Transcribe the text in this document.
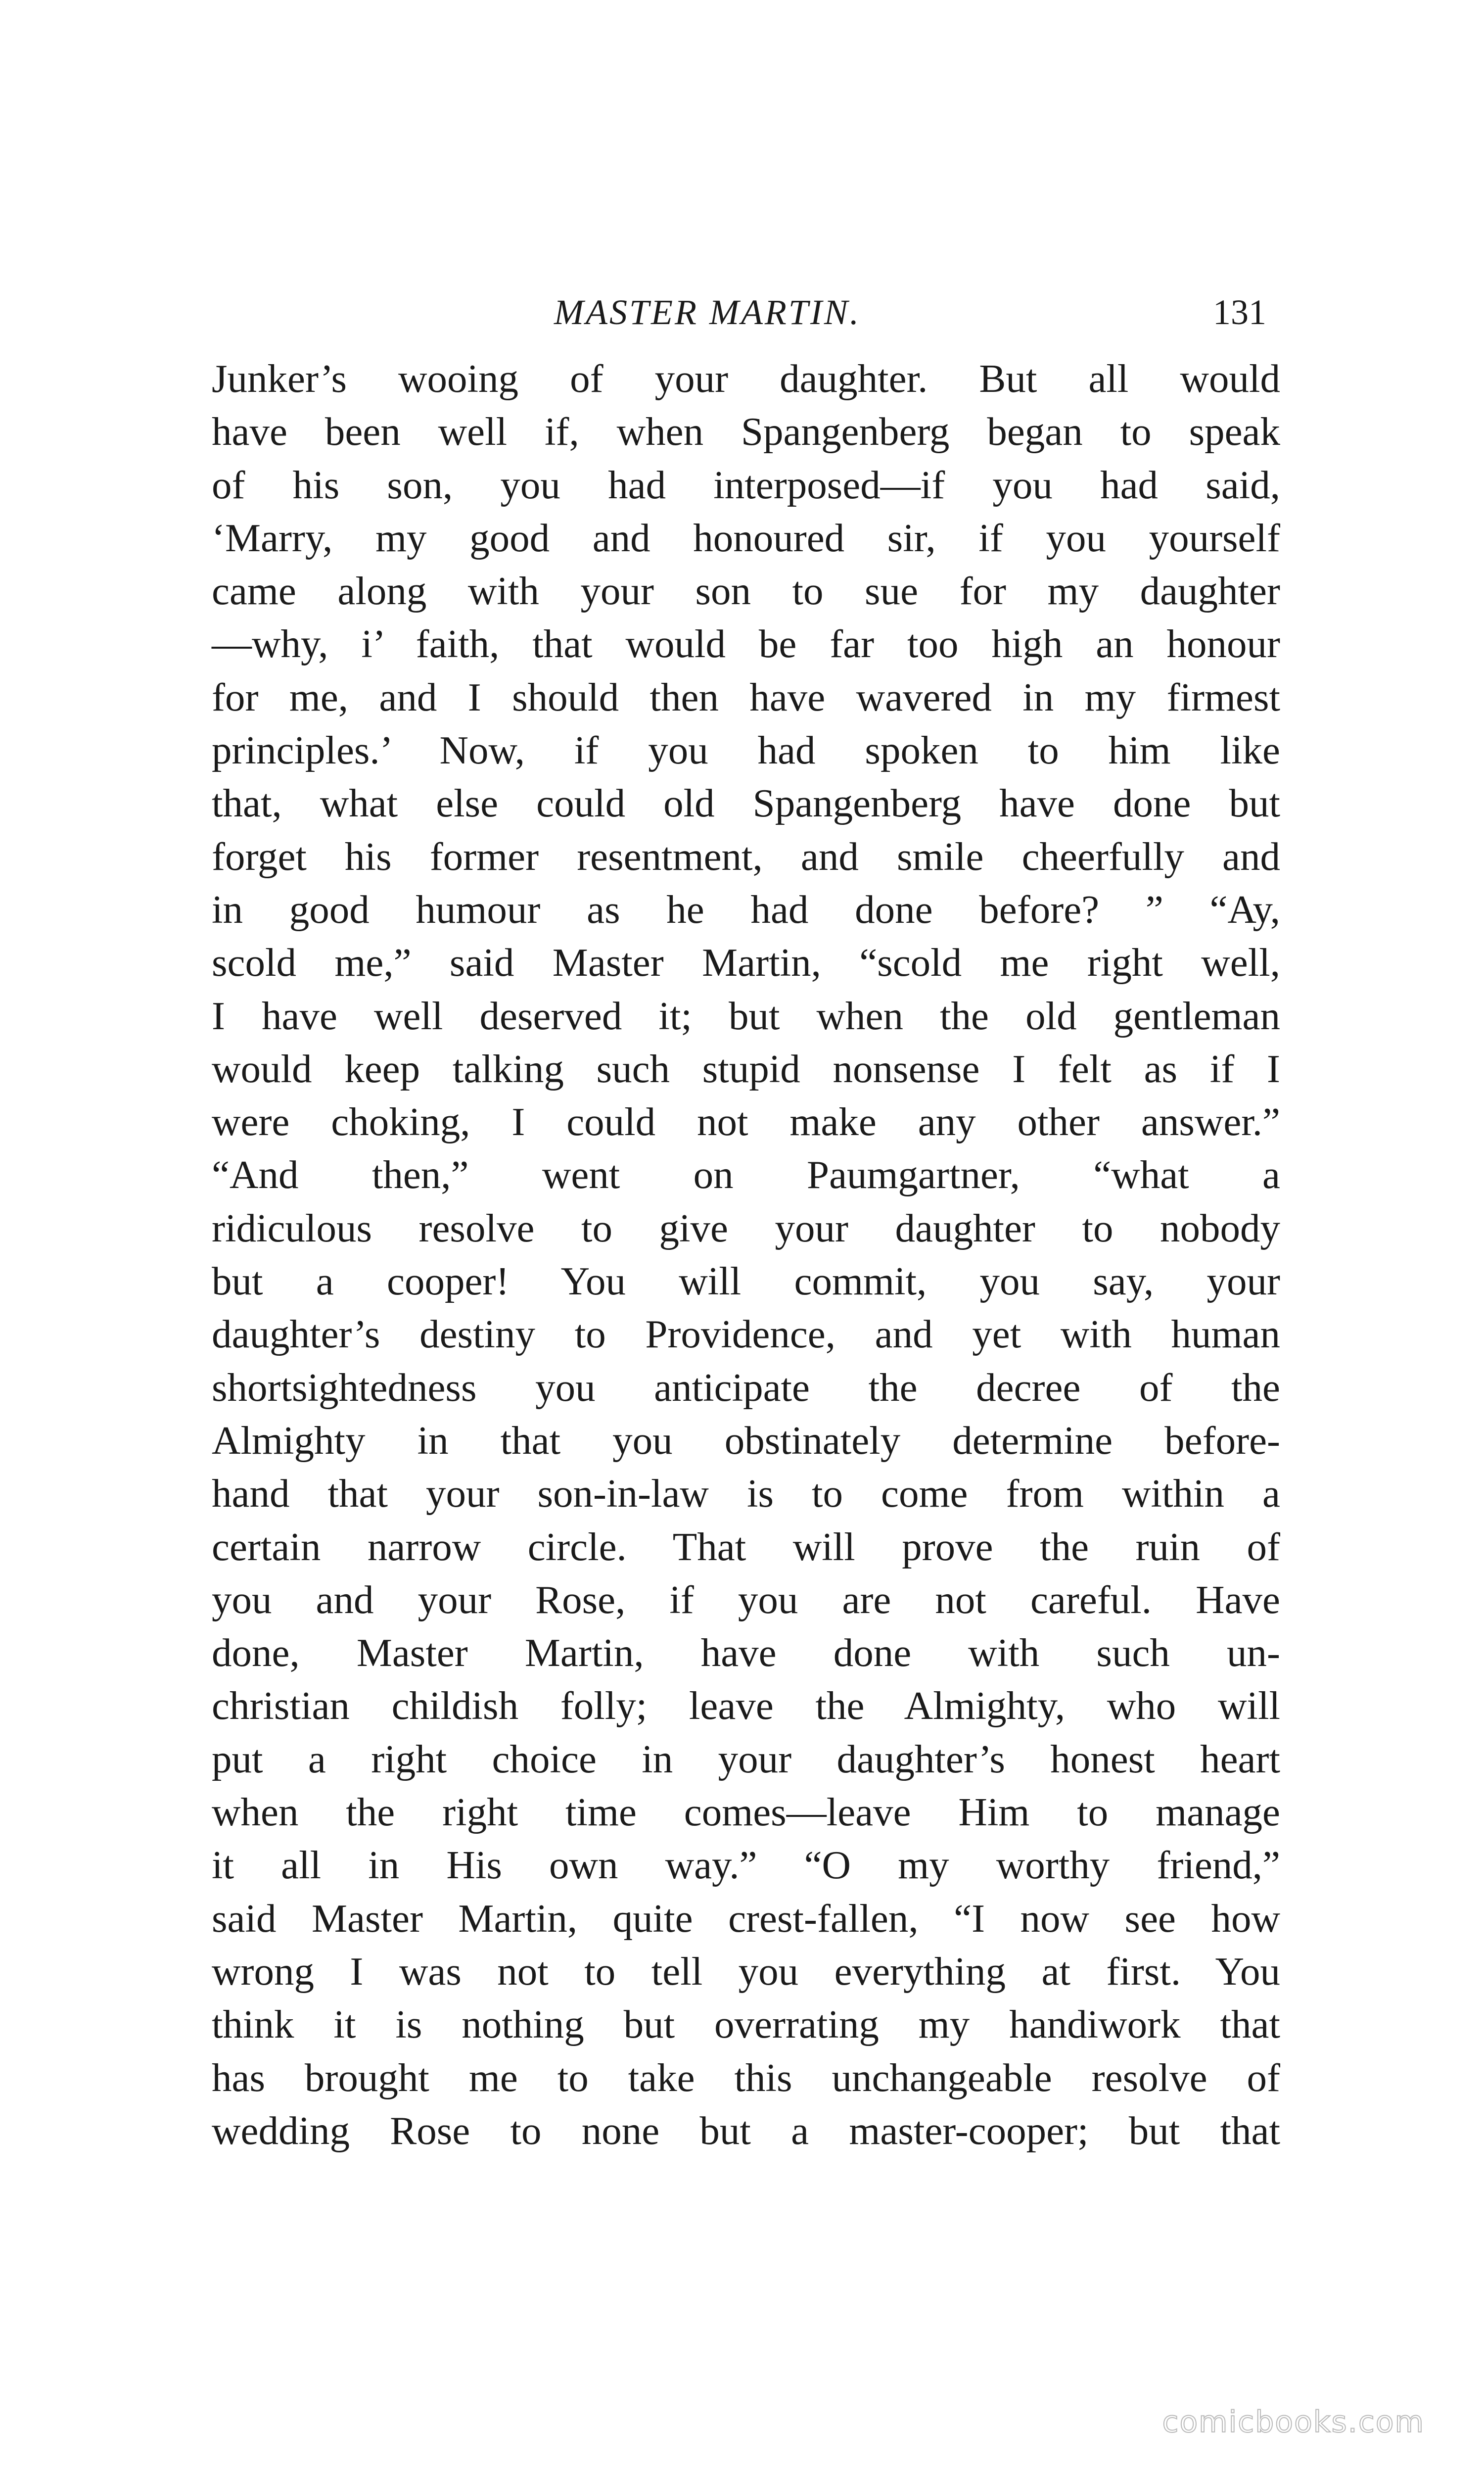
MASTER MARTIN.	131
Junker’s wooing of your daughter. But all would
have been well if, when Spangenberg began to speak
of his son, you had interposed—if you had said,
‘Marry, my good and honoured sir, if you yourself
came along with your son to sue for my daughter
—why, i’ faith, that would be far too high an honour
for me, and I should then have wavered in my firmest
principles.’ Now, if you had spoken to him like
that, what else could old Spangenberg have done but
forget his former resentment, and smile cheerfully and
in good humour as he had done before? ” “Ay,
scold me,” said Master Martin, “scold me right well,
I have well deserved it; but when the old gentleman
would keep talking such stupid nonsense I felt as if I
were choking, I could not make any other answer.”
“And then,” went on Paumgartner, “what a
ridiculous resolve to give your daughter to nobody
but a cooper! You will commit, you say, your
daughter’s destiny to Providence, and yet with human
shortsightedness you anticipate the decree of the
Almighty in that you obstinately determine before-
hand that your son-in-law is to come from within a
certain narrow circle. That will prove the ruin of
you and your Rose, if you are not careful. Have
done, Master Martin, have done with such un-
christian childish folly; leave the Almighty, who will
put a right choice in your daughter’s honest heart
when the right time comes—leave Him to manage
it all in His own way.” “O my worthy friend,”
said Master Martin, quite crest-fallen, “I now see how
wrong I was not to tell you everything at first. You
think it is nothing but overrating my handiwork that
has brought me to take this unchangeable resolve of
wedding Rose to none but a master-cooper; but that
comicbooks.com
